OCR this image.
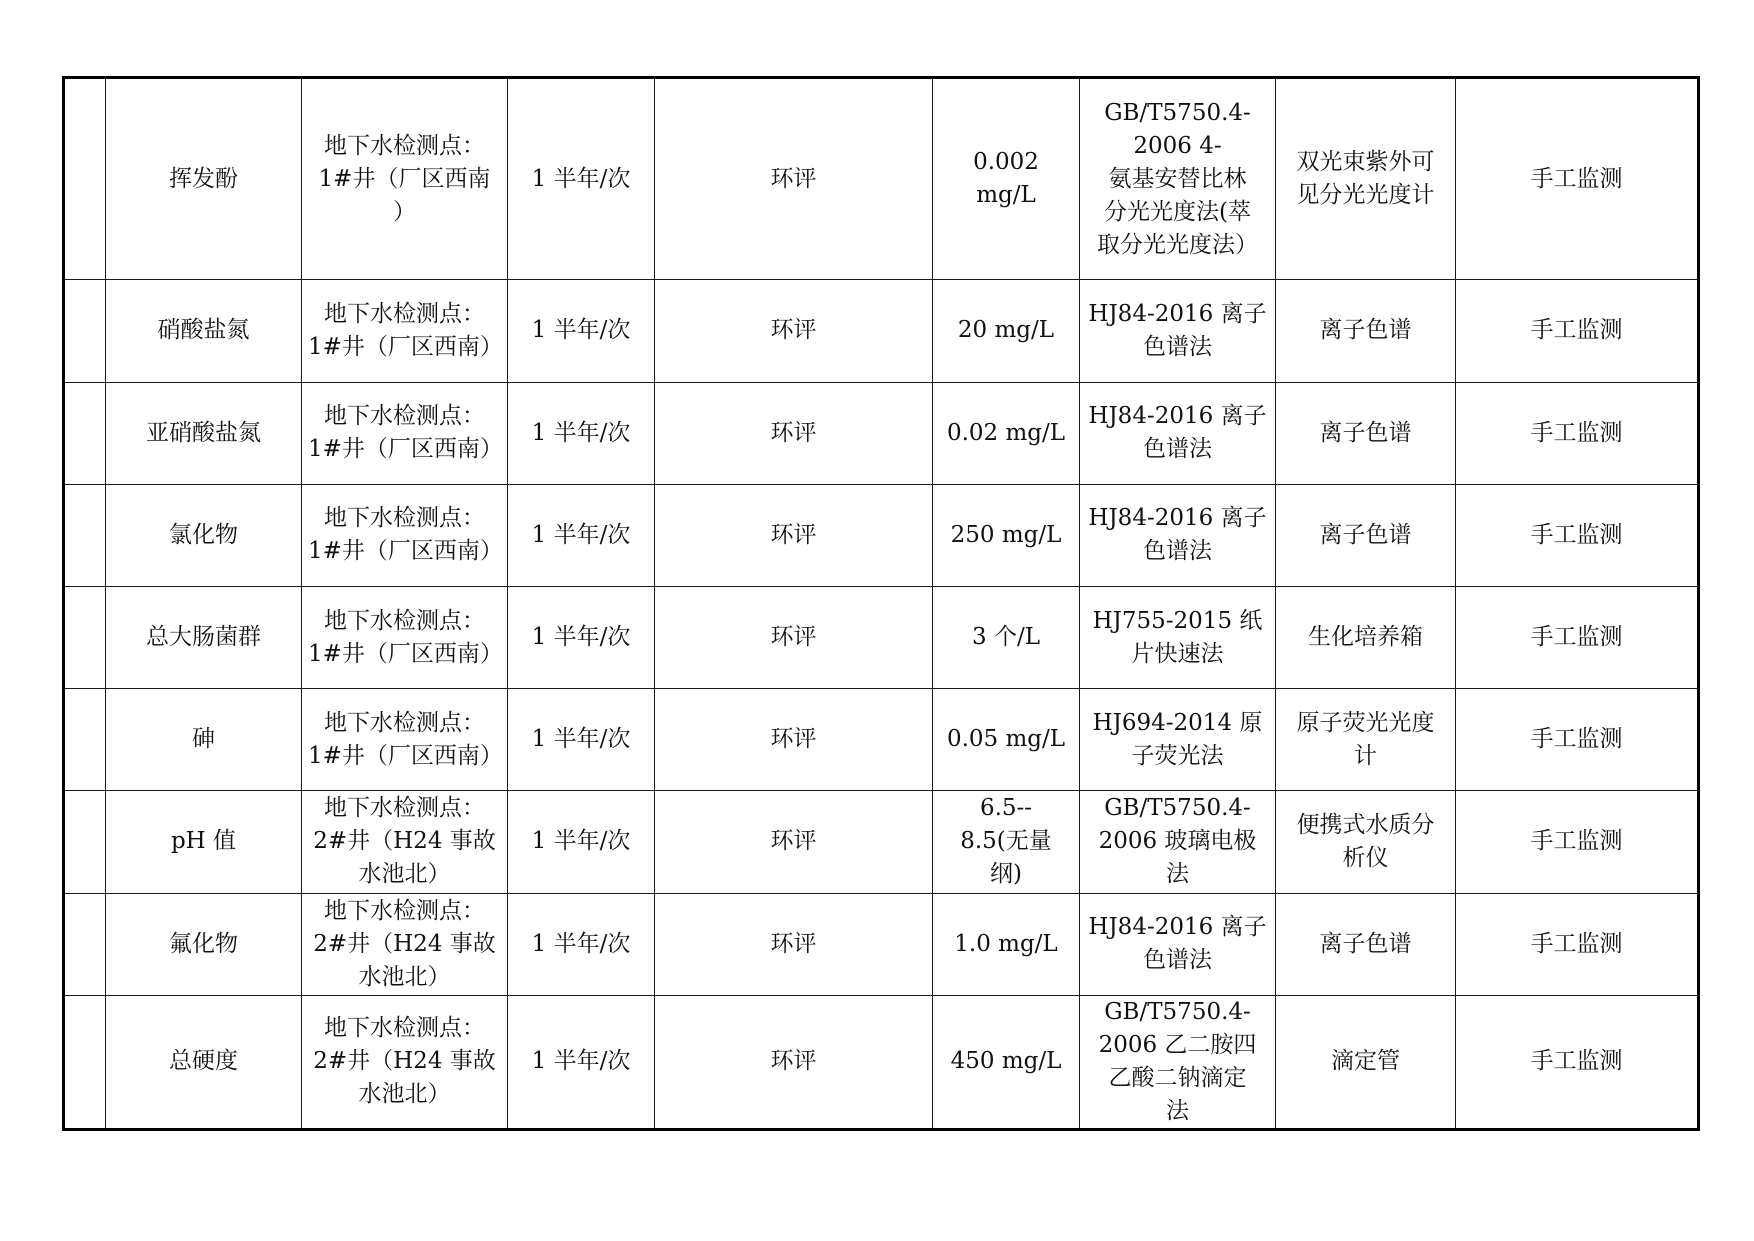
	挥发酚	地下水检测点：
1#井（厂区西南
）	1 半年/次	环评	0.002
mg/L	GB/T5750.4-
2006 4-
氨基安替比林
分光光度法(萃
取分光光度法）	双光束紫外可
见分光光度计	手工监测
	硝酸盐氮	地下水检测点：
1#井（厂区西南）	1 半年/次	环评	20 mg/L	HJ84-2016 离子
色谱法	离子色谱	手工监测
	亚硝酸盐氮	地下水检测点：
1#井（厂区西南）	1 半年/次	环评	0.02 mg/L	HJ84-2016 离子
色谱法	离子色谱	手工监测
	氯化物	地下水检测点：
1#井（厂区西南）	1 半年/次	环评	250 mg/L	HJ84-2016 离子
色谱法	离子色谱	手工监测
	总大肠菌群	地下水检测点：
1#井（厂区西南）	1 半年/次	环评	3 个/L	HJ755-2015 纸
片快速法	生化培养箱	手工监测
	砷	地下水检测点：
1#井（厂区西南）	1 半年/次	环评	0.05 mg/L	HJ694-2014 原
子荧光法	原子荧光光度
计	手工监测
	pH 值	地下水检测点：
2#井（H24 事故
水池北）	1 半年/次	环评	6.5--
8.5(无量
纲)	GB/T5750.4-
2006 玻璃电极
法	便携式水质分
析仪	手工监测
	氟化物	地下水检测点：
2#井（H24 事故
水池北）	1 半年/次	环评	1.0 mg/L	HJ84-2016 离子
色谱法	离子色谱	手工监测
	总硬度	地下水检测点：
2#井（H24 事故
水池北）	1 半年/次	环评	450 mg/L	GB/T5750.4-
2006 乙二胺四
乙酸二钠滴定
法	滴定管	手工监测
